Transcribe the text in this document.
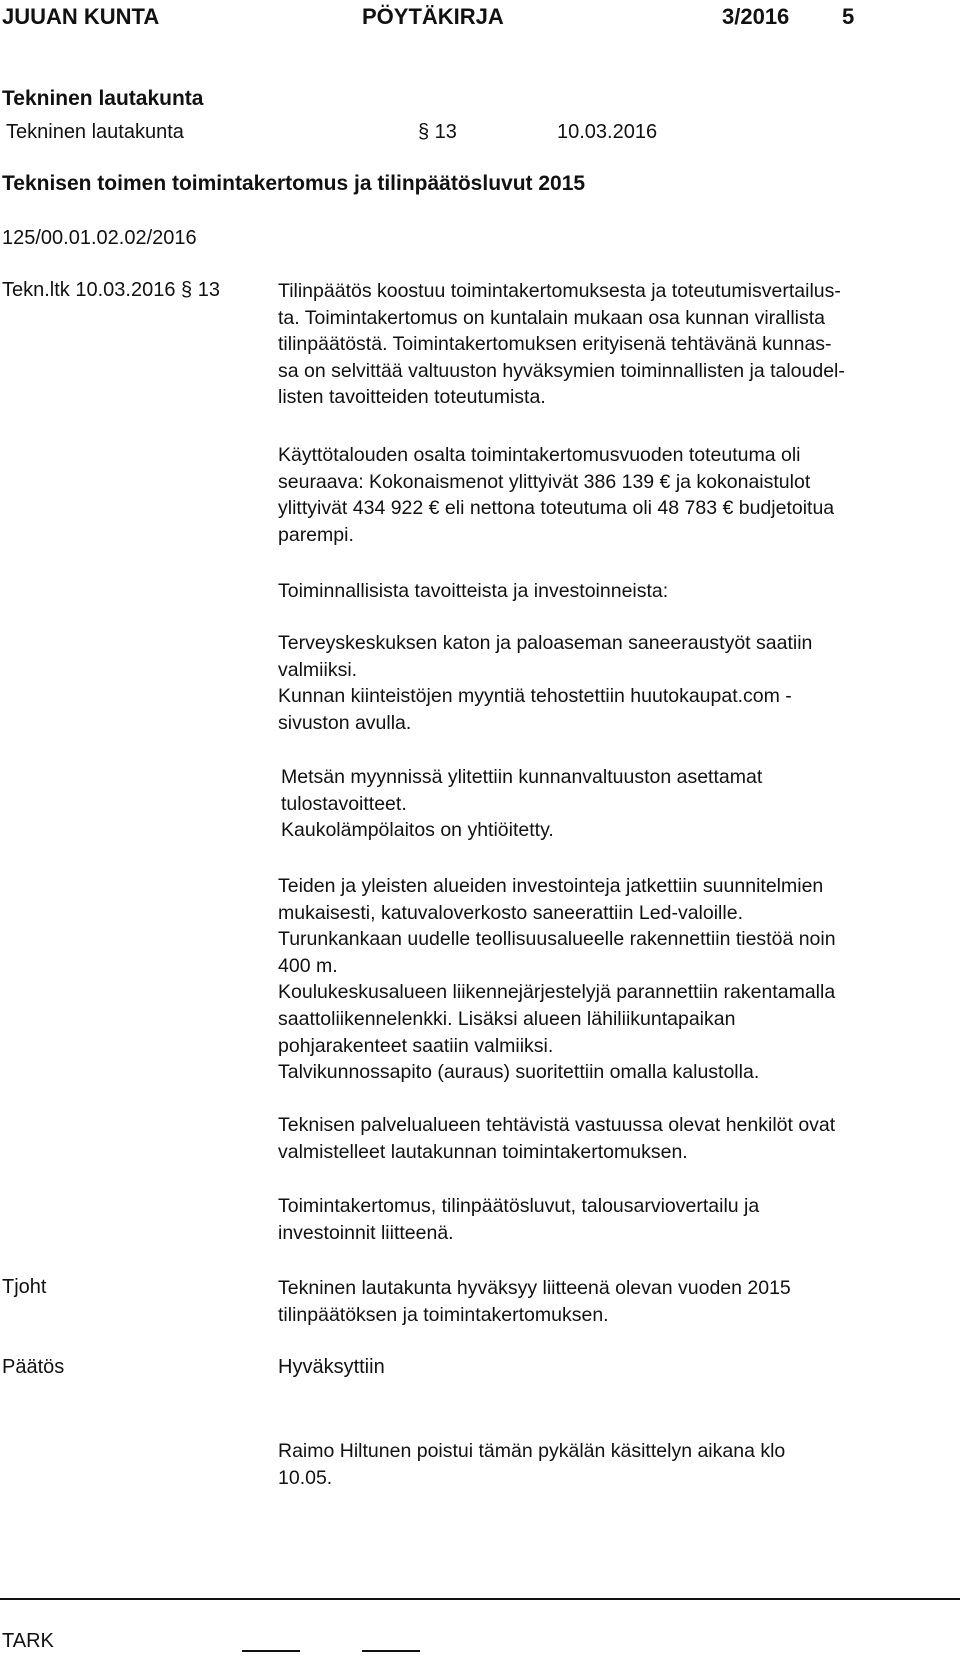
JUUAN KUNTA	PÖYTÄKIRJA	3/2016 5
Tekninen lautakunta
Tekninen lautakunta	§ 13	10.03.2016
Teknisen toimen toimintakertomus ja tilinpäätösluvut 2015
125/00.01.02.02/2016
Tekn.ltk 10.03.2016 § 13	Tilinpäätös koostuu toimintakertomuksesta ja toteutumisvertailus-

ta. Toimintakertomus on kuntalain mukaan osa kunnan virallista

tilinpäätöstä. Toimintakertomuksen erityisenä tehtävänä kunnas-

sa on selvittää valtuuston hyväksymien toiminnallisten ja taloudel-

listen tavoitteiden toteutumista.

Käyttötalouden osalta toimintakertomusvuoden toteutuma oli

seuraava: Kokonaismenot ylittyivät 386 139 € ja kokonaistulot

ylittyivät 434 922 € eli nettona toteutuma oli 48 783 € budjetoitua

parempi.

Toiminnallisista tavoitteista ja investoinneista:

Terveyskeskuksen katon ja paloaseman saneeraustyöt saatiin

valmiiksi.

Kunnan kiinteistöjen myyntiä tehostettiin huutokaupat.com -

sivuston avulla.

Metsän myynnissä ylitettiin kunnanvaltuuston asettamat

tulostavoitteet.

Kaukolämpölaitos on yhtiöitetty.

Teiden ja yleisten alueiden investointeja jatkettiin suunnitelmien

mukaisesti, katuvaloverkosto saneerattiin Led-valoille.

Turunkankaan uudelle teollisuusalueelle rakennettiin tiestöä noin

400 m.

Koulukeskusalueen liikennejärjestelyjä parannettiin rakentamalla

saattoliikennelenkki. Lisäksi alueen lähiliikuntapaikan

pohjarakenteet saatiin valmiiksi.

Talvikunnossapito (auraus) suoritettiin omalla kalustolla.

Teknisen palvelualueen tehtävistä vastuussa olevat henkilöt ovat

valmistelleet lautakunnan toimintakertomuksen.

Toimintakertomus, tilinpäätösluvut, talousarviovertailu ja

investoinnit liitteenä.

Tjoht	Tekninen lautakunta hyväksyy liitteenä olevan vuoden 2015

tilinpäätöksen ja toimintakertomuksen.

Päätös	Hyväksyttiin

Raimo Hiltunen poistui tämän pykälän käsittelyn aikana klo

10.05.

TARK
